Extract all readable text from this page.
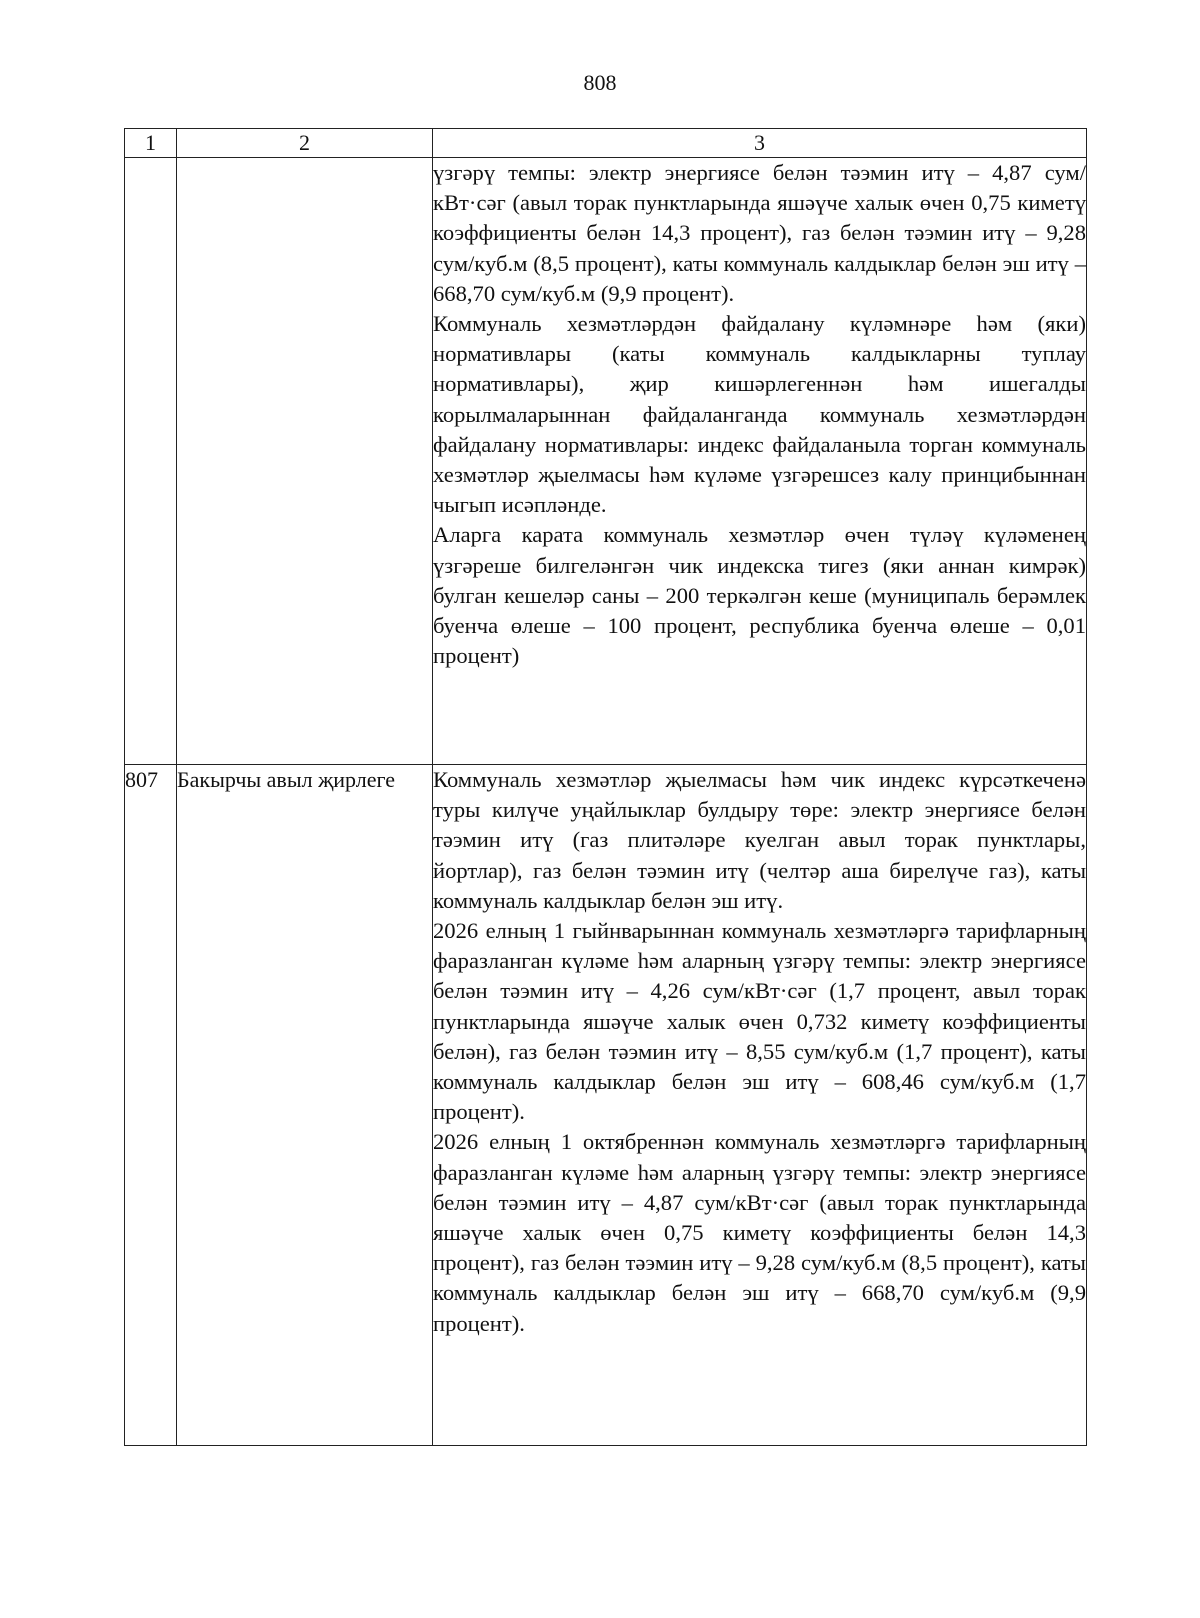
808
1	2	3

		үзгәрү темпы: электр энергиясе белән тәэмин итү – 4,87 сум/кВт·сәг (авыл торак пунктларында яшәүче халык өчен 0,75 киметү коэффициенты белән 14,3 процент), газ белән тәэмин итү – 9,28 сум/куб.м (8,5 процент), каты коммуналь калдыклар белән эш итү – 668,70 сум/куб.м (9,9 процент).

Коммуналь хезмәтләрдән файдалану күләмнәре һәм (яки) нормативлары (каты коммуналь калдыкларны туплау нормативлары), җир кишәрлегеннән һәм ишегалды корылмаларыннан файдаланганда коммуналь хезмәтләрдән файдалану нормативлары: индекс файдаланыла торган коммуналь хезмәтләр җыелмасы һәм күләме үзгәрешсез калу принцибыннан чыгып исәпләнде.

Аларга карата коммуналь хезмәтләр өчен түләү күләменең үзгәреше билгеләнгән чик индекска тигез (яки аннан кимрәк) булган кешеләр саны – 200 теркәлгән кеше (муниципаль берәмлек буенча өлеше – 100 процент, республика буенча өлеше – 0,01 процент)

807	Бакырчы авыл җирлеге	Коммуналь хезмәтләр җыелмасы һәм чик индекс күрсәткеченә туры килүче уңайлыклар булдыру төре: электр энергиясе белән тәэмин итү (газ плитәләре куелган авыл торак пунктлары, йортлар), газ белән тәэмин итү (челтәр аша бирелүче газ), каты коммуналь калдыклар белән эш итү.

2026 елның 1 гыйнварыннан коммуналь хезмәтләргә тарифларның фаразланган күләме һәм аларның үзгәрү темпы: электр энергиясе белән тәэмин итү – 4,26 сум/кВт·сәг (1,7 процент, авыл торак пунктларында яшәүче халык өчен 0,732 киметү коэффициенты белән), газ белән тәэмин итү – 8,55 сум/куб.м (1,7 процент), каты коммуналь калдыклар белән эш итү – 608,46 сум/куб.м (1,7 процент).

2026 елның 1 октябреннән коммуналь хезмәтләргә тарифларның фаразланган күләме һәм аларның үзгәрү темпы: электр энергиясе белән тәэмин итү – 4,87 сум/кВт·сәг (авыл торак пунктларында яшәүче халык өчен 0,75 киметү коэффициенты белән 14,3 процент), газ белән тәэмин итү – 9,28 сум/куб.м (8,5 процент), каты коммуналь калдыклар белән эш итү – 668,70 сум/куб.м (9,9 процент).
